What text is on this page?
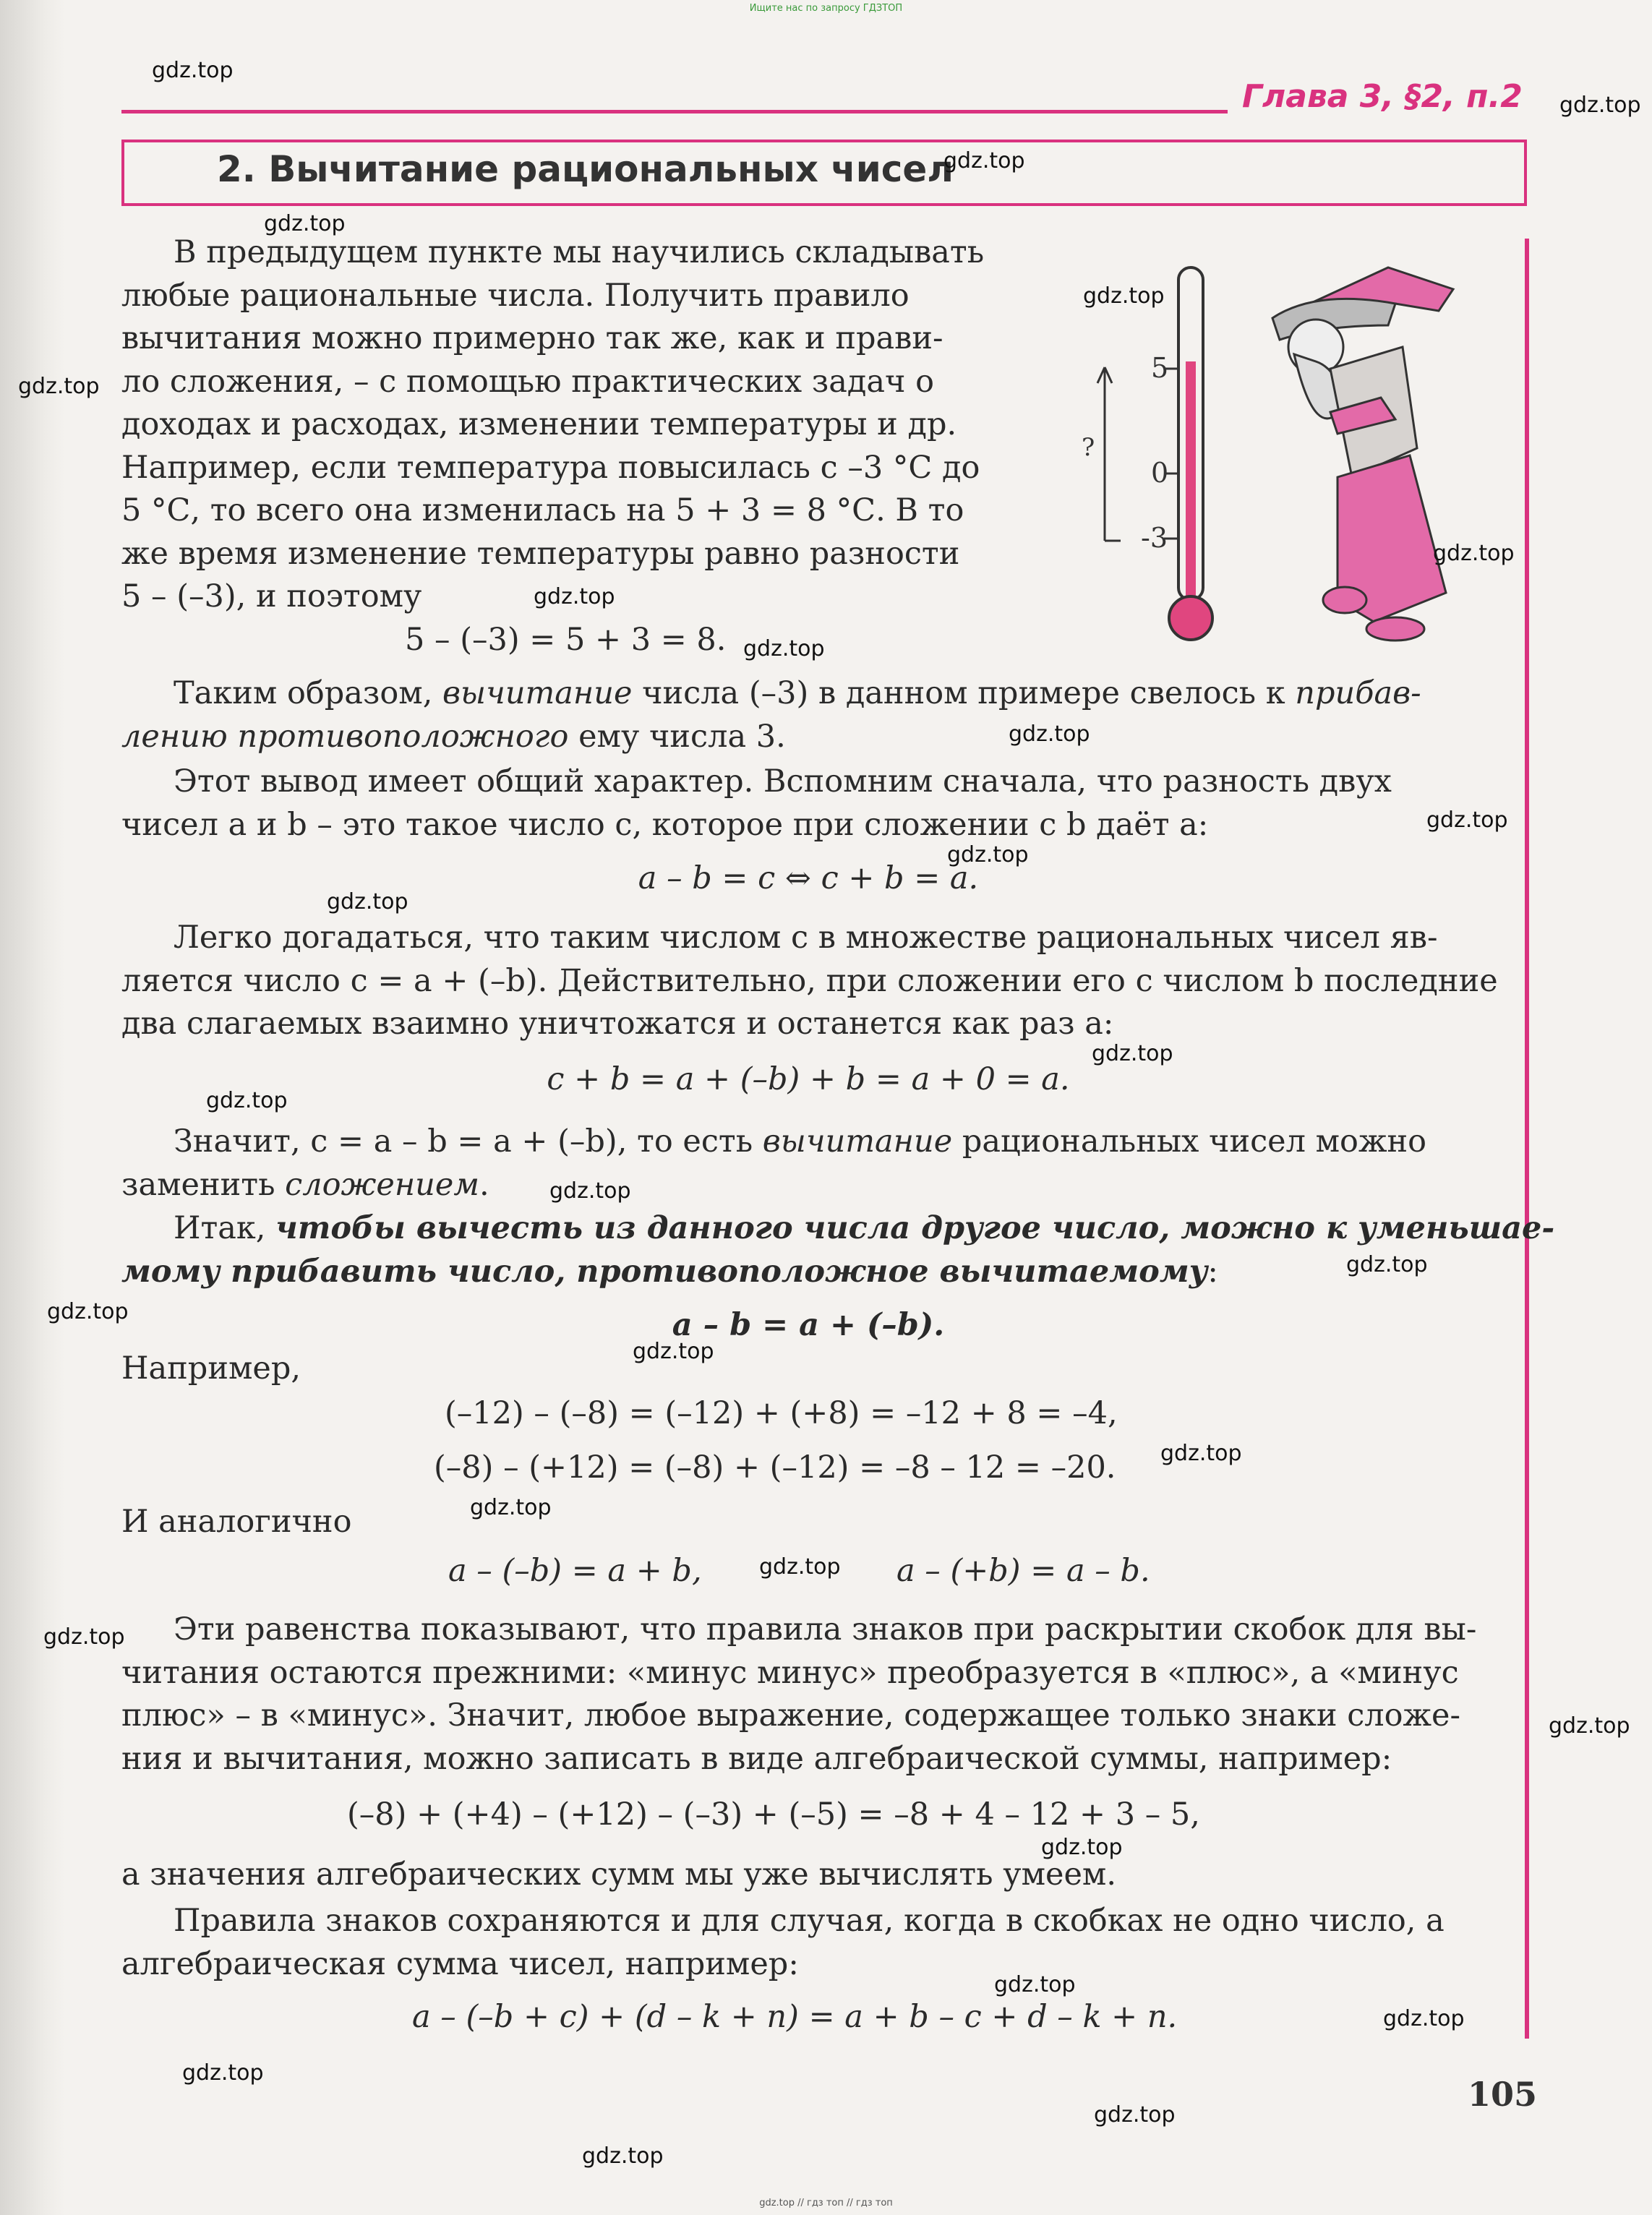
Ищите нас по запросу ГДЗТОП
Глава 3, §2, п.2
2. Вычитание рациональных чисел
5
0
-3
?
В предыдущем пункте мы научились складывать
любые рациональные числа. Получить правило
вычитания можно примерно так же, как и прави-
ло сложения, – с помощью практических задач о
доходах и расходах, изменении температуры и др.
Например, если температура повысилась с –3 °С до
5 °С, то всего она изменилась на 5 + 3 = 8 °С. В то
же время изменение температуры равно разности
5 – (–3), и поэтому
5 – (–3) = 5 + 3 = 8.
Таким образом, вычитание числа (–3) в данном примере свелось к прибав-
лению противоположного ему числа 3.
Этот вывод имеет общий характер. Вспомним сначала, что разность двух
чисел a и b – это такое число c, которое при сложении с b даёт a:
a – b = c ⇔ c + b = a.
Легко догадаться, что таким числом c в множестве рациональных чисел яв-
ляется число c = a + (–b). Действительно, при сложении его с числом b последние
два слагаемых взаимно уничтожатся и останется как раз a:
c + b = a + (–b) + b = a + 0 = a.
Значит, c = a – b = a + (–b), то есть вычитание рациональных чисел можно
заменить сложением.
Итак, чтобы вычесть из данного числа другое число, можно к уменьшае-
мому прибавить число, противоположное вычитаемому:
a – b = a + (–b).
Например,
(–12) – (–8) = (–12) + (+8) = –12 + 8 = –4,
(–8) – (+12) = (–8) + (–12) = –8 – 12 = –20.
И аналогично
a – (–b) = a + b,	a – (+b) = a – b.
Эти равенства показывают, что правила знаков при раскрытии скобок для вы-
читания остаются прежними: «минус минус» преобразуется в «плюс», а «минус
плюс» – в «минус». Значит, любое выражение, содержащее только знаки сложе-
ния и вычитания, можно записать в виде алгебраической суммы, например:
(–8) + (+4) – (+12) – (–3) + (–5) = –8 + 4 – 12 + 3 – 5,
а значения алгебраических сумм мы уже вычислять умеем.
Правила знаков сохраняются и для случая, когда в скобках не одно число, а
алгебраическая сумма чисел, например:
a – (–b + c) + (d – k + n) = a + b – c + d – k + n.
105
gdz.top
gdz.top
gdz.top
gdz.top
gdz.top
gdz.top
gdz.top
gdz.top
gdz.top
gdz.top
gdz.top
gdz.top
gdz.top
gdz.top
gdz.top
gdz.top
gdz.top
gdz.top
gdz.top
gdz.top
gdz.top
gdz.top
gdz.top
gdz.top
gdz.top
gdz.top
gdz.top
gdz.top
gdz.top
gdz.top
gdz.top // гдз топ // гдз топ
